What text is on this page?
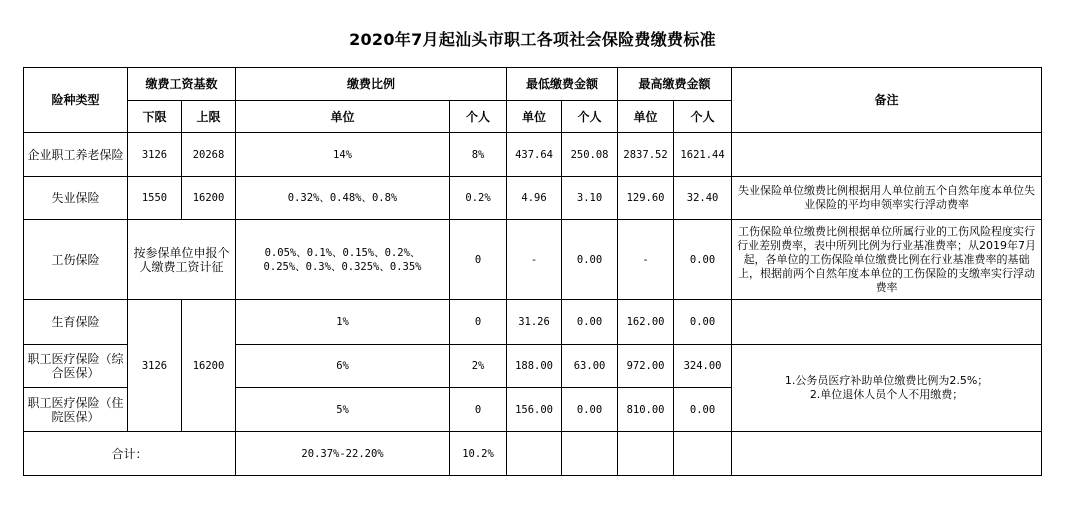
2020年7月起汕头市职工各项社会保险费缴费标准
险种类型	缴费工资基数		缴费比例		最低缴费金额		最高缴费金额		备注
	下限	上限	单位	个人	单位	个人	单位	个人	
企业职工养老保险	3126	20268	14%	8%	437.64	250.08	2837.52	1621.44	
失业保险	1550	16200	0.32%、0.48%、0.8%	0.2%	4.96	3.10	129.60	32.40	失业保险单位缴费比例根据用人单位前五个自然年度本单位失业保险的平均申领率实行浮动费率
工伤保险	按参保单位申报个人缴费工资计征		0.05%、0.1%、0.15%、0.2%、0.25%、0.3%、0.325%、0.35%	0	-	0.00	-	0.00	工伤保险单位缴费比例根据单位所属行业的工伤风险程度实行行业差别费率，表中所列比例为行业基准费率；从2019年7月起，各单位的工伤保险单位缴费比例在行业基准费率的基础上，根据前两个自然年度本单位的工伤保险的支缴率实行浮动费率
生育保险	3126	16200	1%	0	31.26	0.00	162.00	0.00	
职工医疗保险（综合医保）			6%	2%	188.00	63.00	972.00	324.00	1.公务员医疗补助单位缴费比例为2.5%；
2.单位退休人员个人不用缴费；

职工医疗保险（住院医保）			5%	0	156.00	0.00	810.00	0.00	
合计：			20.37%-22.20%	10.2%					
